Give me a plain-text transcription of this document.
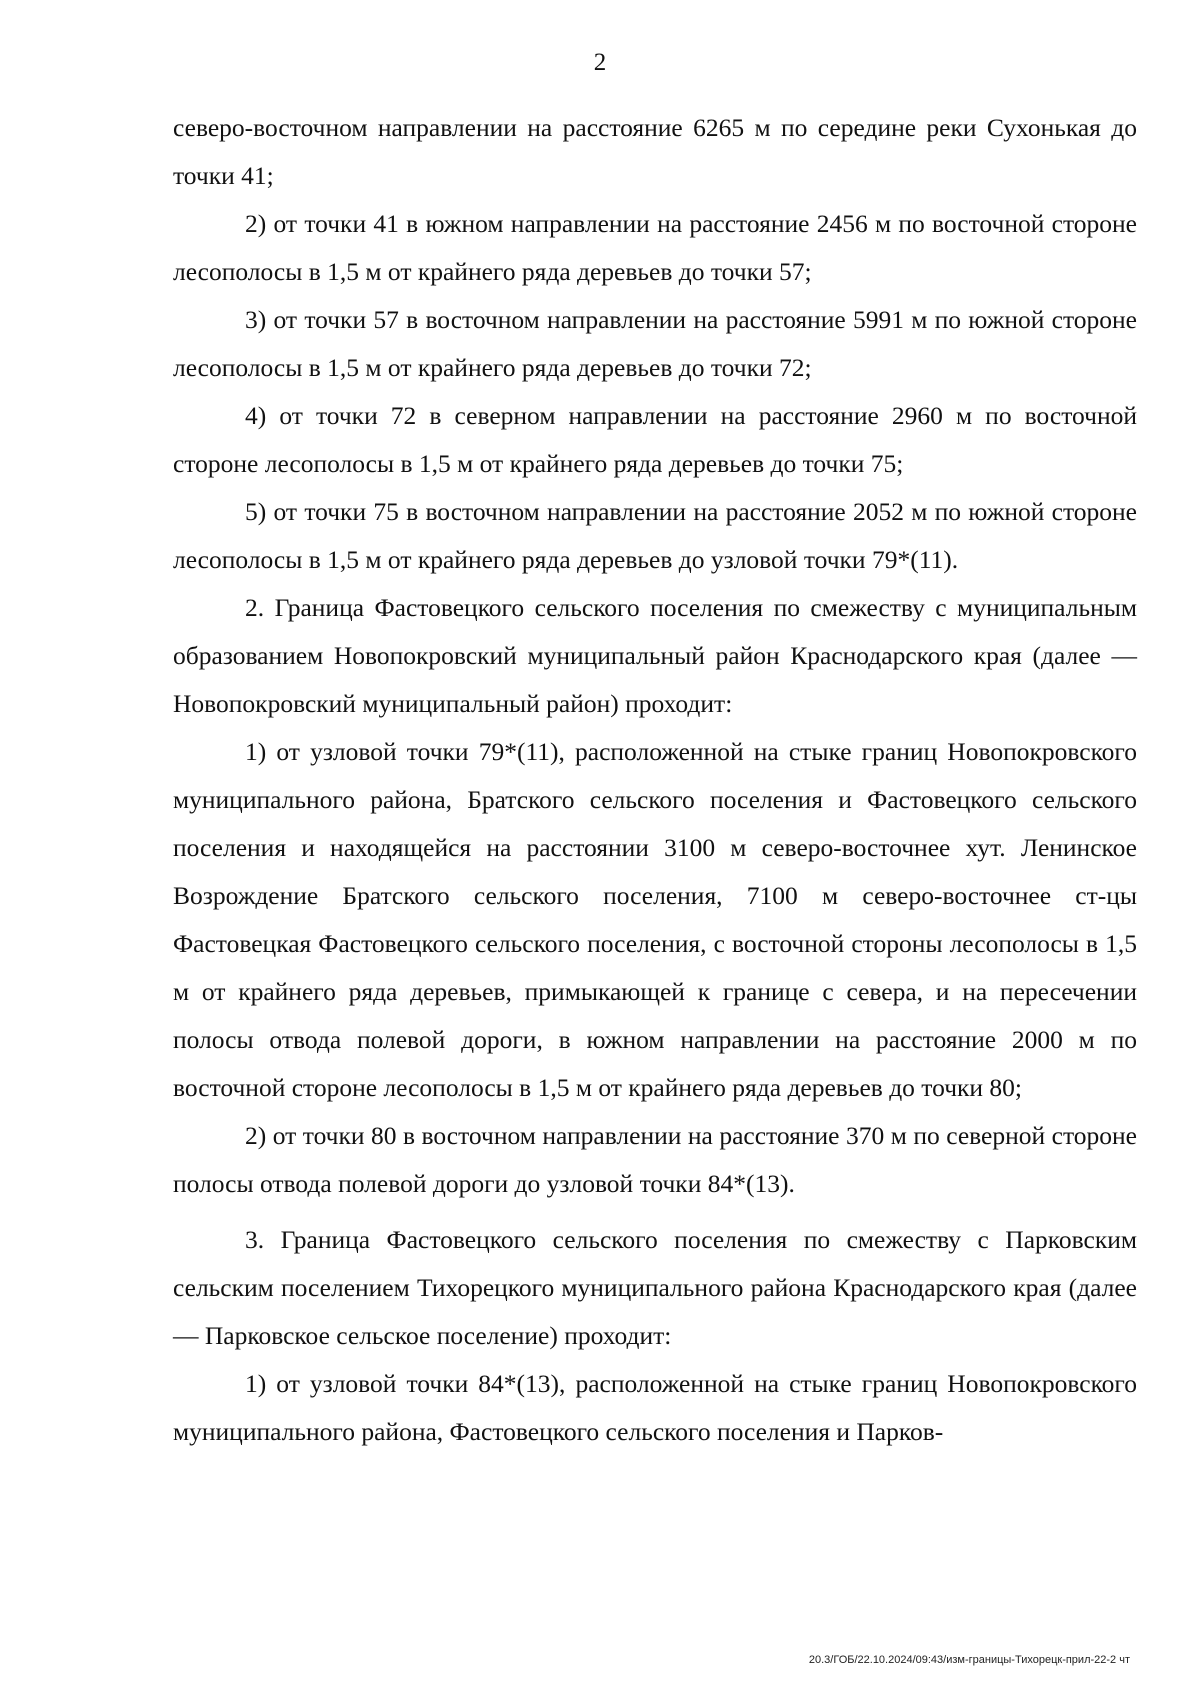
2

северо-восточном направлении на расстояние 6265 м по середине реки Сухонькая до точки 41;

2) от точки 41 в южном направлении на расстояние 2456 м по восточной стороне лесополосы в 1,5 м от крайнего ряда деревьев до точки 57;

3) от точки 57 в восточном направлении на расстояние 5991 м по южной стороне лесополосы в 1,5 м от крайнего ряда деревьев до точки 72;

4) от точки 72 в северном направлении на расстояние 2960 м по восточной стороне лесополосы в 1,5 м от крайнего ряда деревьев до точки 75;

5) от точки 75 в восточном направлении на расстояние 2052 м по южной стороне лесополосы в 1,5 м от крайнего ряда деревьев до узловой точки 79*(11).

2. Граница Фастовецкого сельского поселения по смежеству с муниципальным образованием Новопокровский муниципальный район Краснодарского края (далее — Новопокровский муниципальный район) проходит:

1) от узловой точки 79*(11), расположенной на стыке границ Новопокровского муниципального района, Братского сельского поселения и Фастовецкого сельского поселения и находящейся на расстоянии 3100 м северо-восточнее хут. Ленинское Возрождение Братского сельского поселения, 7100 м северо-восточнее ст-цы Фастовецкая Фастовецкого сельского поселения, с восточной стороны лесополосы в 1,5 м от крайнего ряда деревьев, примыкающей к границе с севера, и на пересечении полосы отвода полевой дороги, в южном направлении на расстояние 2000 м по восточной стороне лесополосы в 1,5 м от крайнего ряда деревьев до точки 80;

2) от точки 80 в восточном направлении на расстояние 370 м по северной стороне полосы отвода полевой дороги до узловой точки 84*(13).

3. Граница Фастовецкого сельского поселения по смежеству с Парковским сельским поселением Тихорецкого муниципального района Краснодарского края (далее — Парковское сельское поселение) проходит:

1) от узловой точки 84*(13), расположенной на стыке границ Новопокровского муниципального района, Фастовецкого сельского поселения и Парков-

20.3/ГОБ/22.10.2024/09:43/изм-границы-Тихорецк-прил-22-2 чт
